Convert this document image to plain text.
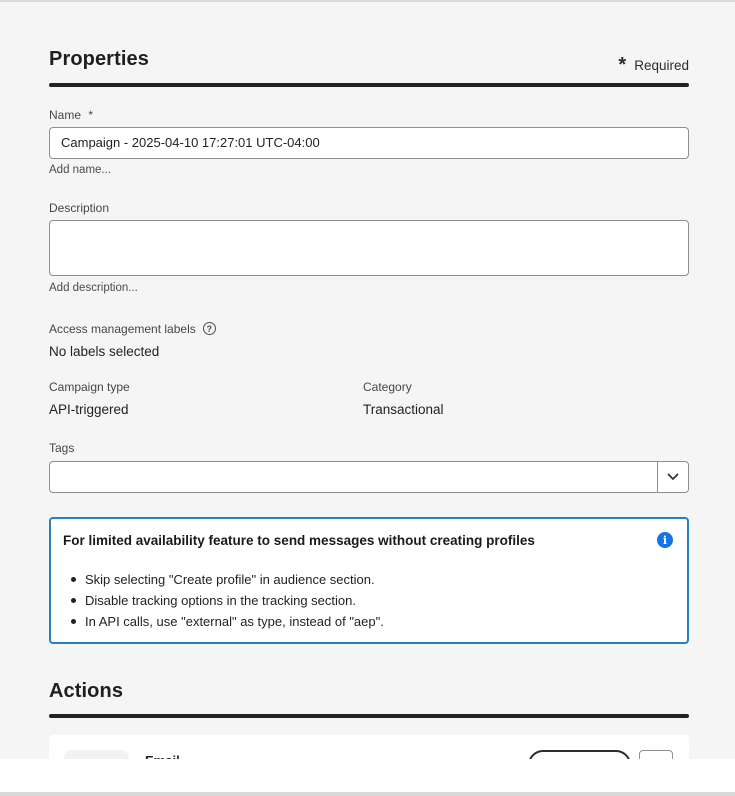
Properties	* Required
Name *
Campaign - 2025-04-10 17:27:01 UTC-04:00
Add name...
Description
Add description...
Access management labels ?
No labels selected
Campaign type
API-triggered
Category
Transactional
Tags
For limited availability feature to send messages without creating profiles	i
Skip selecting "Create profile" in audience section.
Disable tracking options in the tracking section.
In API calls, use "external" as type, instead of "aep".
Actions
